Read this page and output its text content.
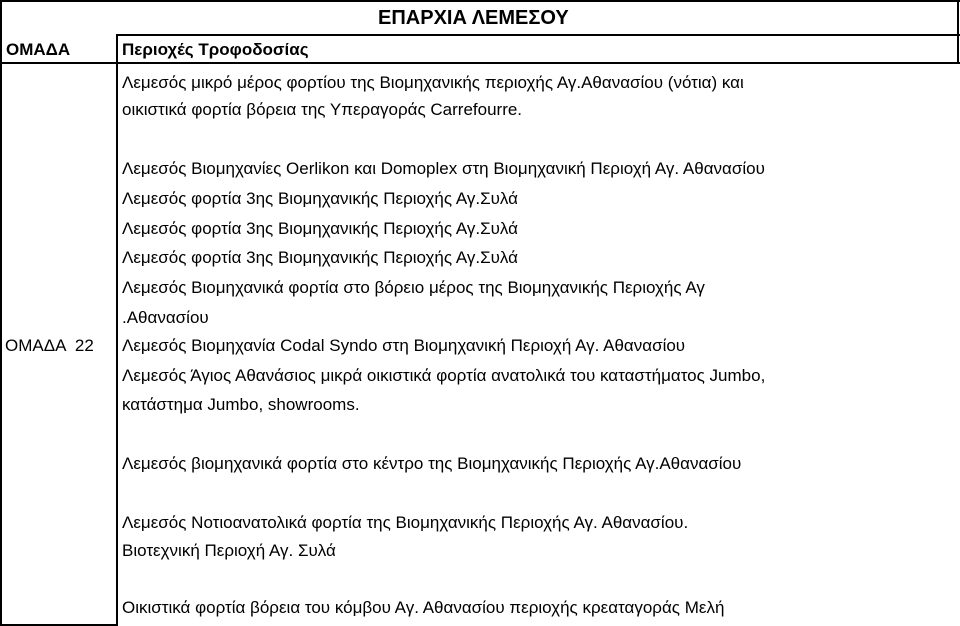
ΕΠΑΡΧΙΑ ΛΕΜΕΣΟΥ
ΟΜΑΔΑ	Περιοχές Τροφοδοσίας
ΟΜΑΔΑ  22
Λεμεσός μικρό μέρος φορτίου της Βιομηχανικής περιοχής Αγ.Αθανασίου (νότια) και
οικιστικά φορτία βόρεια της Υπεραγοράς Carrefourre.
Λεμεσός Βιομηχανίες Oerlikon και Domoplex στη Βιομηχανική Περιοχή Αγ. Αθανασίου
Λεμεσός φορτία 3ης Βιομηχανικής Περιοχής Αγ.Συλά
Λεμεσός φορτία 3ης Βιομηχανικής Περιοχής Αγ.Συλά
Λεμεσός φορτία 3ης Βιομηχανικής Περιοχής Αγ.Συλά
Λεμεσός Βιομηχανικά φορτία στο βόρειο μέρος της Βιομηχανικής Περιοχής Αγ
.Αθανασίου
Λεμεσός Βιομηχανία Codal Syndo στη Βιομηχανική Περιοχή Αγ. Αθανασίου
Λεμεσός Άγιος Αθανάσιος μικρά οικιστικά φορτία ανατολικά του καταστήματος Jumbo,
κατάστημα Jumbo, showrooms.
Λεμεσός βιομηχανικά φορτία στο κέντρο της Βιομηχανικής Περιοχής Αγ.Αθανασίου
Λεμεσός Νοτιοανατολικά φορτία της Βιομηχανικής Περιοχής Αγ. Αθανασίου.
Βιοτεχνική Περιοχή Αγ. Συλά
Οικιστικά φορτία βόρεια του κόμβου Αγ. Αθανασίου περιοχής κρεαταγοράς Μελή
